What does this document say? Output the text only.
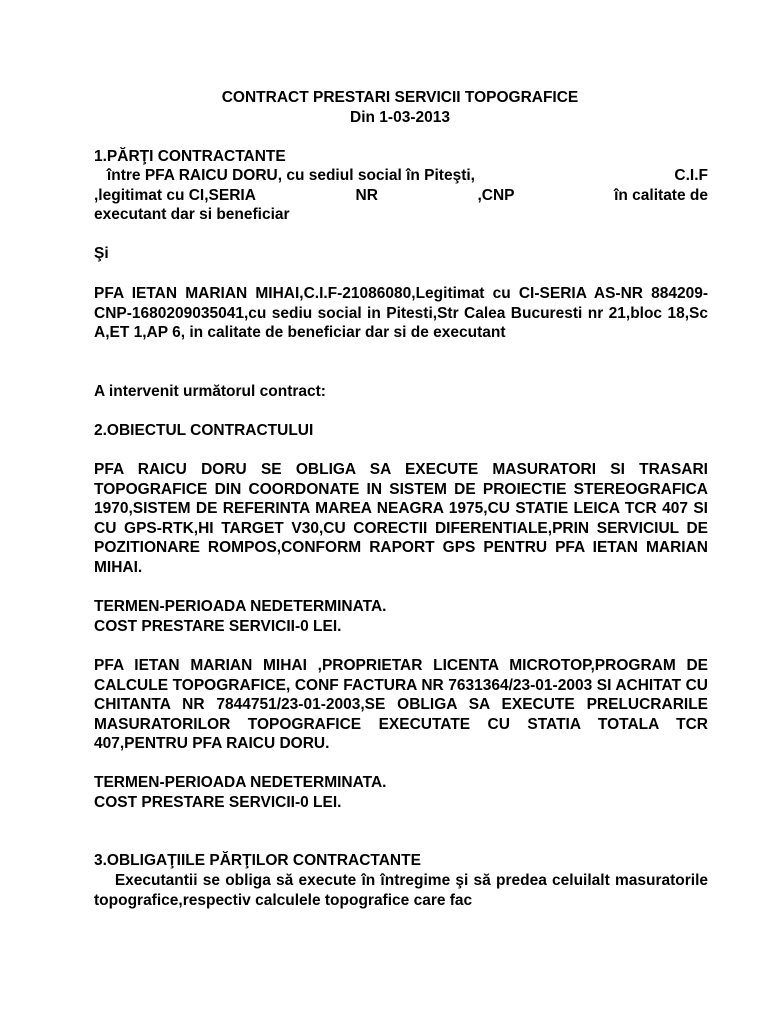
CONTRACT PRESTARI SERVICII TOPOGRAFICE
Din 1-03-2013
1.PĂRŢI CONTRACTANTE
între PFA RAICU DORU, cu sediul social în Piteşti,	C.I.F
,legitimat cu CI,SERIA	NR	,CNP	în calitate de
executant dar si beneficiar
Şi

PFA IETAN MARIAN MIHAI,C.I.F-21086080,Legitimat cu CI-SERIA AS-NR 884209-CNP-1680209035041,cu sediu social in Pitesti,Str Calea Bucuresti nr 21,bloc 18,Sc A,ET 1,AP 6, in calitate de beneficiar dar si de executant

A intervenit următorul contract:
2.OBIECTUL CONTRACTULUI

PFA RAICU DORU SE OBLIGA SA EXECUTE MASURATORI SI TRASARI TOPOGRAFICE DIN COORDONATE IN SISTEM DE PROIECTIE STEREOGRAFICA 1970,SISTEM DE REFERINTA MAREA NEAGRA 1975,CU STATIE LEICA TCR 407 SI CU GPS-RTK,HI TARGET V30,CU CORECTII DIFERENTIALE,PRIN SERVICIUL DE POZITIONARE ROMPOS,CONFORM RAPORT GPS PENTRU PFA IETAN MARIAN MIHAI.

TERMEN-PERIOADA NEDETERMINATA.
COST PRESTARE SERVICII-0 LEI.

PFA IETAN MARIAN MIHAI ,PROPRIETAR LICENTA MICROTOP,PROGRAM DE CALCULE TOPOGRAFICE, CONF FACTURA NR 7631364/23-01-2003 SI ACHITAT CU CHITANTA NR 7844751/23-01-2003,SE OBLIGA SA EXECUTE PRELUCRARILE MASURATORILOR TOPOGRAFICE EXECUTATE CU STATIA TOTALA TCR 407,PENTRU PFA RAICU DORU.

TERMEN-PERIOADA NEDETERMINATA.
COST PRESTARE SERVICII-0 LEI.
3.OBLIGAŢIILE PĂRŢILOR CONTRACTANTE

Executantii se obliga să execute în întregime şi să predea celuilalt masuratorile topografice,respectiv calculele topografice care fac
